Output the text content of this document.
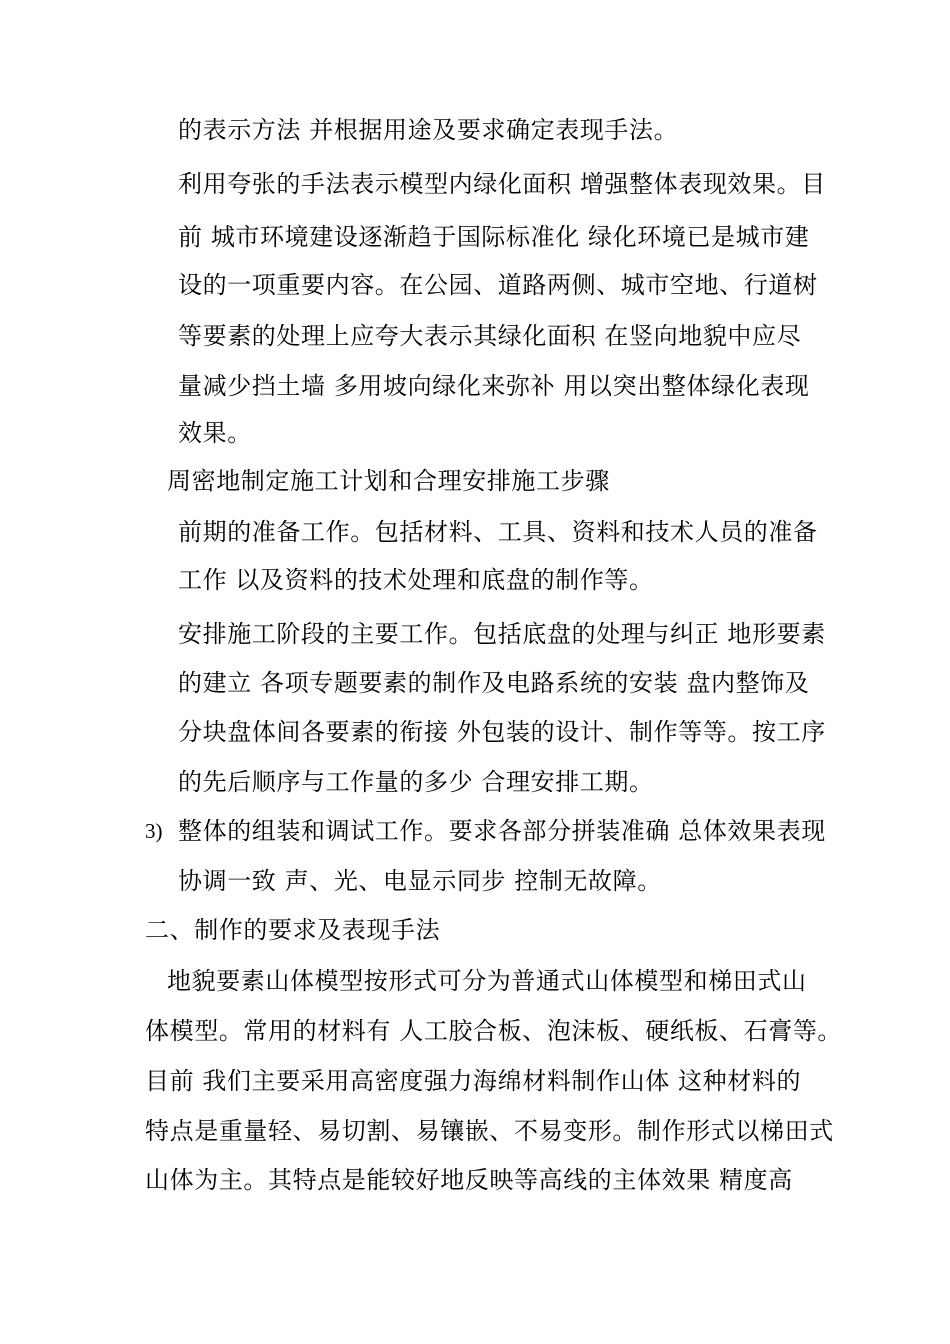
的表示方法 并根据用途及要求确定表现手法。
利用夸张的手法表示模型内绿化面积 增强整体表现效果。目
前 城市环境建设逐渐趋于国际标准化 绿化环境已是城市建
设的一项重要内容。在公园、道路两侧、城市空地、行道树
等要素的处理上应夸大表示其绿化面积 在竖向地貌中应尽
量减少挡土墙 多用坡向绿化来弥补 用以突出整体绿化表现
效果。
周密地制定施工计划和合理安排施工步骤
前期的准备工作。包括材料、工具、资料和技术人员的准备
工作 以及资料的技术处理和底盘的制作等。
安排施工阶段的主要工作。包括底盘的处理与纠正 地形要素
的建立 各项专题要素的制作及电路系统的安装 盘内整饰及
分块盘体间各要素的衔接 外包装的设计、制作等等。按工序
的先后顺序与工作量的多少 合理安排工期。
3) 整体的组装和调试工作。要求各部分拼装准确 总体效果表现
协调一致 声、光、电显示同步 控制无故障。
二、制作的要求及表现手法
地貌要素山体模型按形式可分为普通式山体模型和梯田式山
体模型。常用的材料有 人工胶合板、泡沫板、硬纸板、石膏等。
目前 我们主要采用高密度强力海绵材料制作山体 这种材料的
特点是重量轻、易切割、易镶嵌、不易变形。制作形式以梯田式
山体为主。其特点是能较好地反映等高线的主体效果 精度高
